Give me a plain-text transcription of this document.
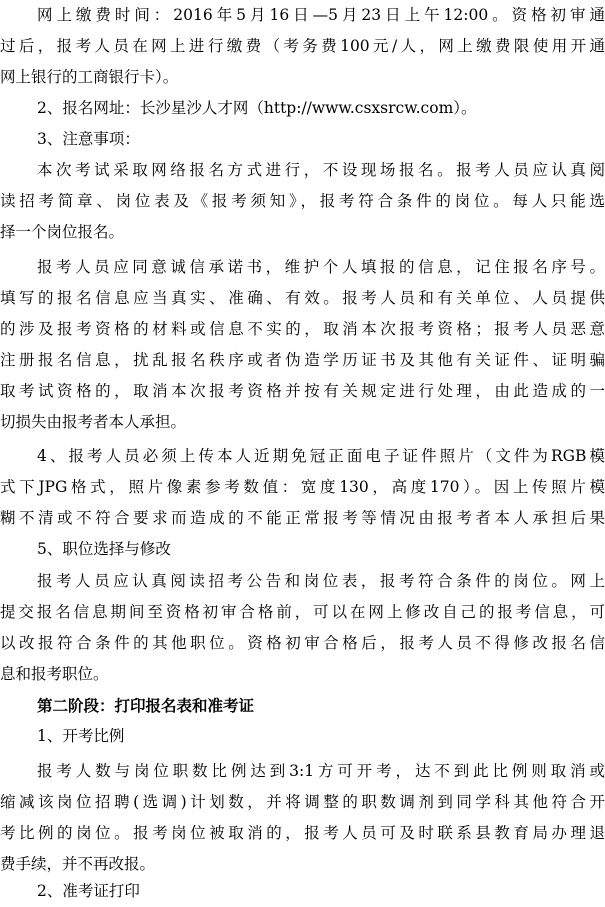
网上缴费时间：2016年5月16日—5月23日上午12:00。资格初审通
过后，报考人员在网上进行缴费（考务费100元/人，网上缴费限使用开通
网上银行的工商银行卡）。
2、报名网址：长沙星沙人才网（http://www.csxsrcw.com）。
3、注意事项：
本次考试采取网络报名方式进行，不设现场报名。报考人员应认真阅
读招考简章、岗位表及《报考须知》，报考符合条件的岗位。每人只能选
择一个岗位报名。
报考人员应同意诚信承诺书，维护个人填报的信息，记住报名序号。
填写的报名信息应当真实、准确、有效。报考人员和有关单位、人员提供
的涉及报考资格的材料或信息不实的，取消本次报考资格；报考人员恶意
注册报名信息，扰乱报名秩序或者伪造学历证书及其他有关证件、证明骗
取考试资格的，取消本次报考资格并按有关规定进行处理，由此造成的一
切损失由报考者本人承担。
4、报考人员必须上传本人近期免冠正面电子证件照片（文件为RGB模
式下JPG格式，照片像素参考数值：宽度130，高度170）。因上传照片模
糊不清或不符合要求而造成的不能正常报考等情况由报考者本人承担后果
5、职位选择与修改
报考人员应认真阅读招考公告和岗位表，报考符合条件的岗位。网上
提交报名信息期间至资格初审合格前，可以在网上修改自己的报考信息，可
以改报符合条件的其他职位。资格初审合格后，报考人员不得修改报名信
息和报考职位。
第二阶段：打印报名表和准考证
1、开考比例
报考人数与岗位职数比例达到3:1方可开考，达不到此比例则取消或
缩减该岗位招聘(选调)计划数，并将调整的职数调剂到同学科其他符合开
考比例的岗位。报考岗位被取消的，报考人员可及时联系县教育局办理退
费手续，并不再改报。
2、准考证打印
